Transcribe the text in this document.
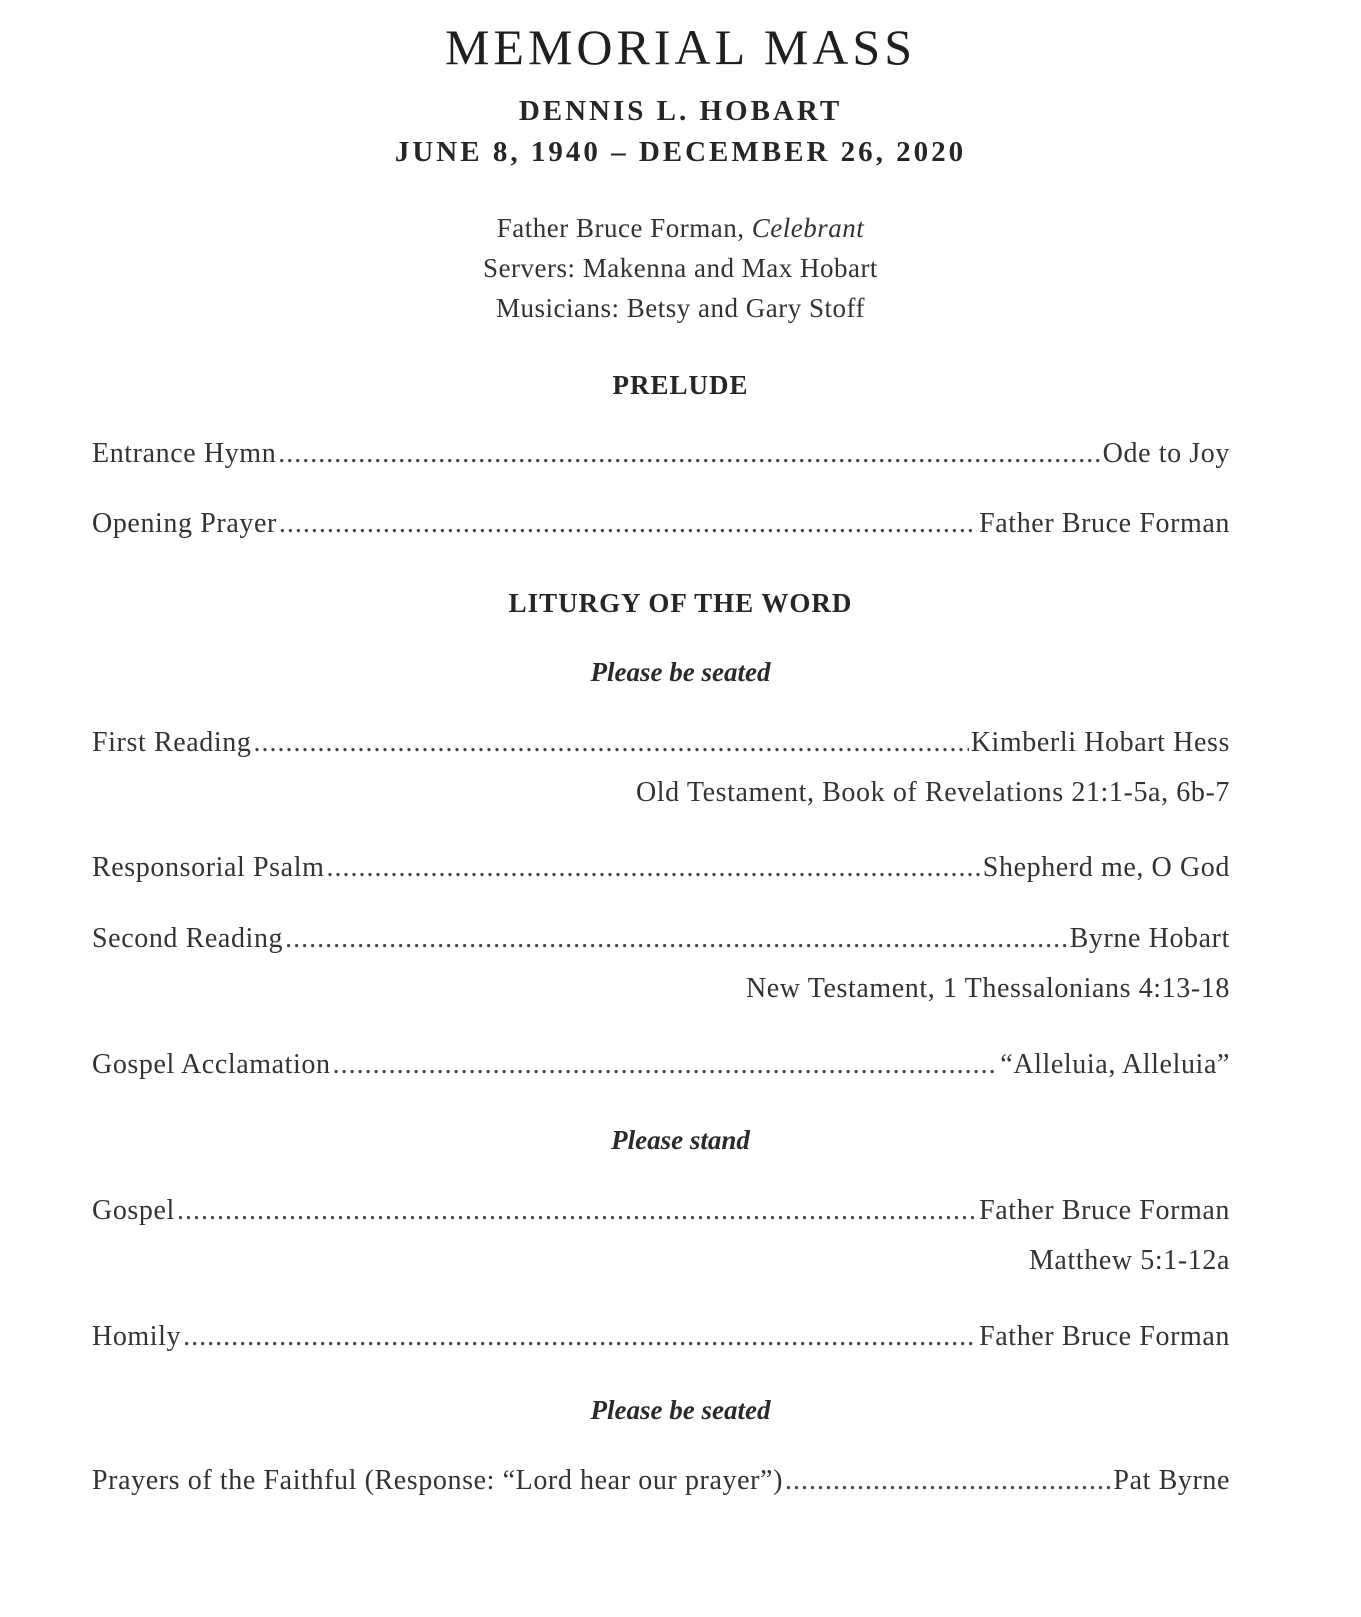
MEMORIAL MASS
DENNIS L. HOBART
JUNE 8, 1940 – DECEMBER 26, 2020
Father Bruce Forman, Celebrant
Servers: Makenna and Max Hobart
Musicians: Betsy and Gary Stoff
PRELUDE
Entrance Hymn .....	Ode to Joy
Opening Prayer .....	Father Bruce Forman
LITURGY OF THE WORD
Please be seated
First Reading .....	Kimberli Hobart Hess
Old Testament, Book of Revelations 21:1-5a, 6b-7
Responsorial Psalm .....	Shepherd me, O God
Second Reading .....	Byrne Hobart
New Testament, 1 Thessalonians 4:13-18
Gospel Acclamation .....	“Alleluia, Alleluia”
Please stand
Gospel .....	Father Bruce Forman
Matthew 5:1-12a
Homily .....	Father Bruce Forman
Please be seated
Prayers of the Faithful (Response: “Lord hear our prayer”) .....	Pat Byrne
